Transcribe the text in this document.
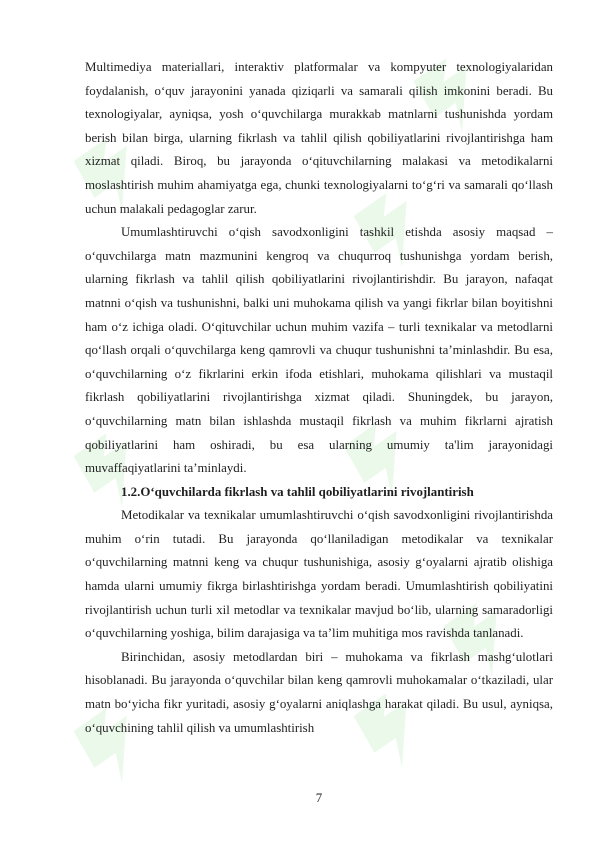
Multimediya materiallari, interaktiv platformalar va kompyuter texnologiyalaridan foydalanish, o‘quv jarayonini yanada qiziqarli va samarali qilish imkonini beradi. Bu texnologiyalar, ayniqsa, yosh o‘quvchilarga murakkab matnlarni tushunishda yordam berish bilan birga, ularning fikrlash va tahlil qilish qobiliyatlarini rivojlantirishga ham xizmat qiladi. Biroq, bu jarayonda o‘qituvchilarning malakasi va metodikalarni moslashtirish muhim ahamiyatga ega, chunki texnologiyalarni to‘g‘ri va samarali qo‘llash uchun malakali pedagoglar zarur.

Umumlashtiruvchi o‘qish savodxonligini tashkil etishda asosiy maqsad – o‘quvchilarga matn mazmunini kengroq va chuqurroq tushunishga yordam berish, ularning fikrlash va tahlil qilish qobiliyatlarini rivojlantirishdir. Bu jarayon, nafaqat matnni o‘qish va tushunishni, balki uni muhokama qilish va yangi fikrlar bilan boyitishni ham o‘z ichiga oladi. O‘qituvchilar uchun muhim vazifa – turli texnikalar va metodlarni qo‘llash orqali o‘quvchilarga keng qamrovli va chuqur tushunishni ta’minlashdir. Bu esa, o‘quvchilarning o‘z fikrlarini erkin ifoda etishlari, muhokama qilishlari va mustaqil fikrlash qobiliyatlarini rivojlantirishga xizmat qiladi. Shuningdek, bu jarayon, o‘quvchilarning matn bilan ishlashda mustaqil fikrlash va muhim fikrlarni ajratish qobiliyatlarini ham oshiradi, bu esa ularning umumiy ta'lim jarayonidagi muvaffaqiyatlarini ta’minlaydi.

1.2.O‘quvchilarda fikrlash va tahlil qobiliyatlarini rivojlantirish

Metodikalar va texnikalar umumlashtiruvchi o‘qish savodxonligini rivojlantirishda muhim o‘rin tutadi. Bu jarayonda qo‘llaniladigan metodikalar va texnikalar o‘quvchilarning matnni keng va chuqur tushunishiga, asosiy g‘oyalarni ajratib olishiga hamda ularni umumiy fikrga birlashtirishga yordam beradi. Umumlashtirish qobiliyatini rivojlantirish uchun turli xil metodlar va texnikalar mavjud bo‘lib, ularning samaradorligi o‘quvchilarning yoshiga, bilim darajasiga va ta’lim muhitiga mos ravishda tanlanadi.

Birinchidan, asosiy metodlardan biri – muhokama va fikrlash mashg‘ulotlari hisoblanadi. Bu jarayonda o‘quvchilar bilan keng qamrovli muhokamalar o‘tkaziladi, ular matn bo‘yicha fikr yuritadi, asosiy g‘oyalarni aniqlashga harakat qiladi. Bu usul, ayniqsa, o‘quvchining tahlil qilish va umumlashtirish

7
